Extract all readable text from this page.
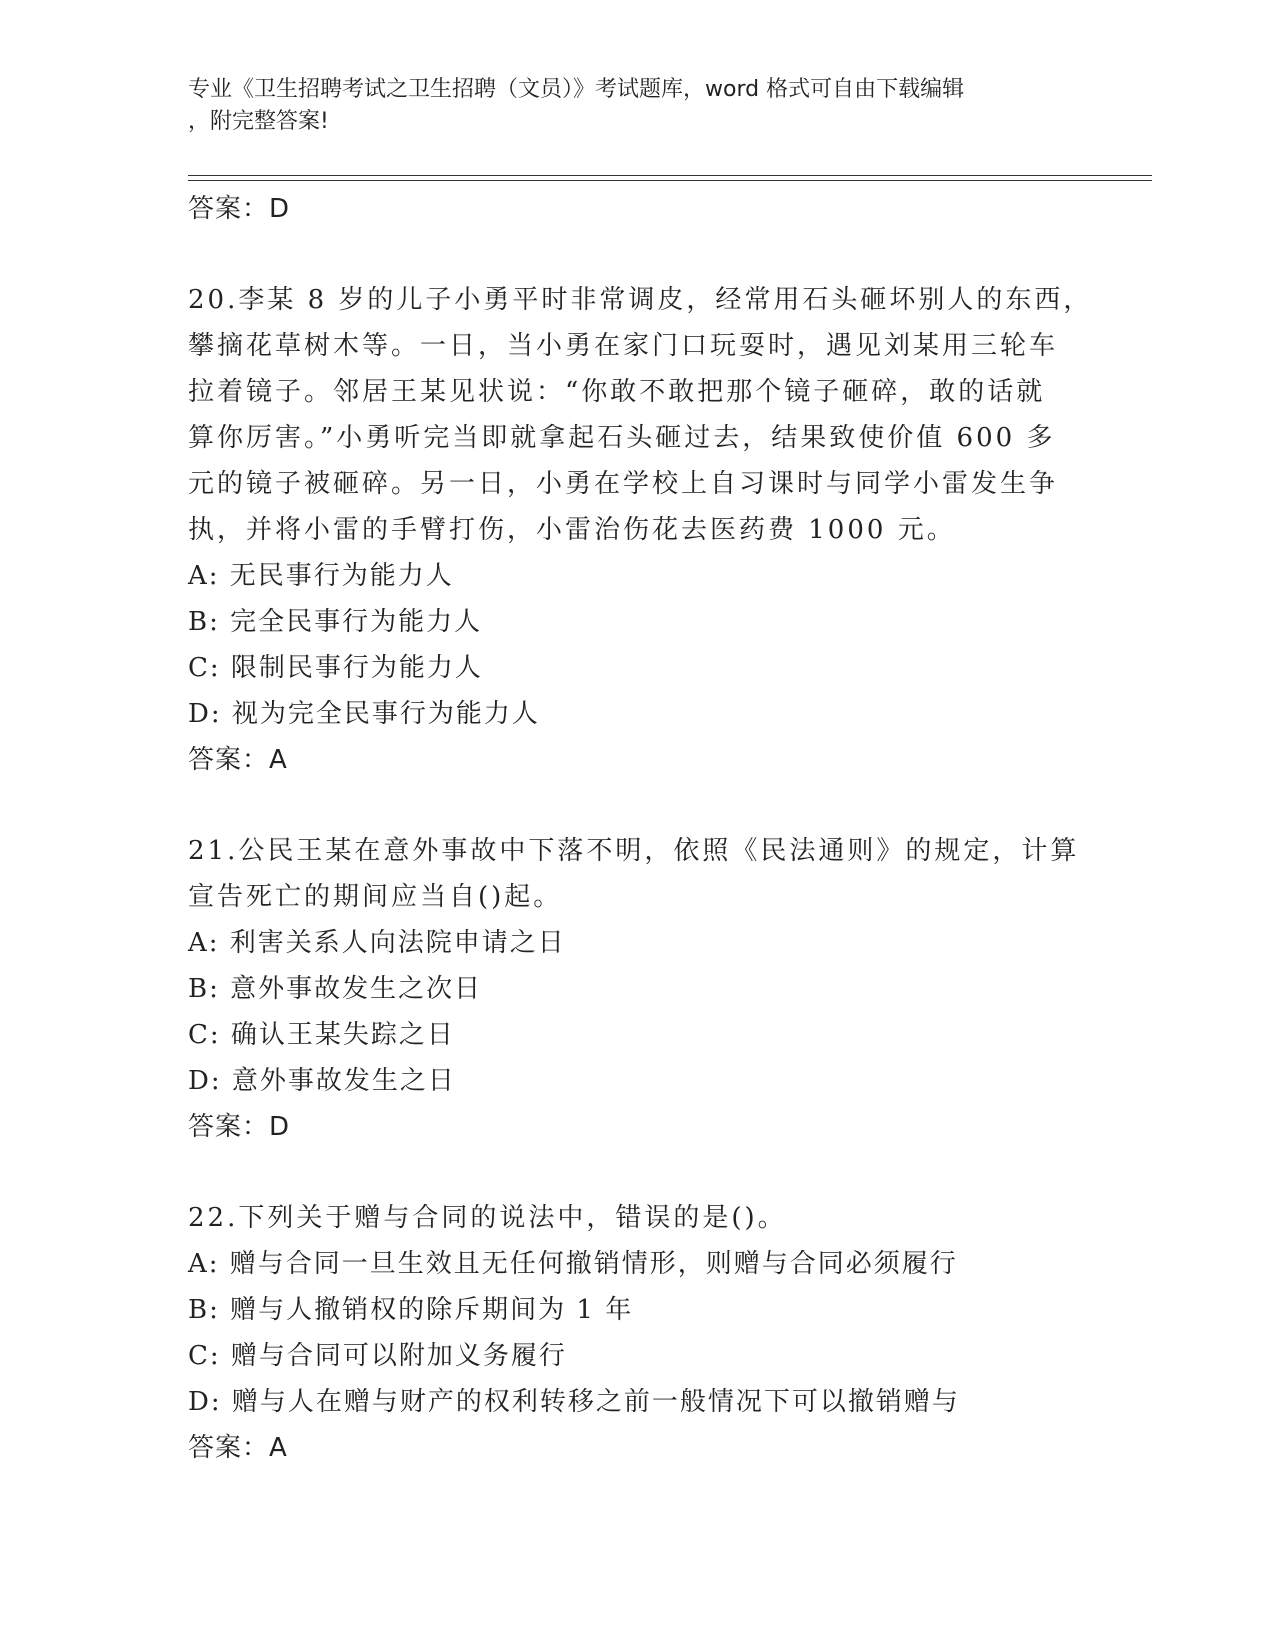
专业《卫生招聘考试之卫生招聘（文员）》考试题库，word 格式可自由下载编辑
，附完整答案!
答案：D
20.李某 8 岁的儿子小勇平时非常调皮，经常用石头砸坏别人的东西，
攀摘花草树木等。一日，当小勇在家门口玩耍时，遇见刘某用三轮车
拉着镜子。邻居王某见状说：“你敢不敢把那个镜子砸碎，敢的话就
算你厉害。”小勇听完当即就拿起石头砸过去，结果致使价值 600 多
元的镜子被砸碎。另一日，小勇在学校上自习课时与同学小雷发生争
执，并将小雷的手臂打伤，小雷治伤花去医药费 1000 元。
A: 无民事行为能力人
B: 完全民事行为能力人
C: 限制民事行为能力人
D: 视为完全民事行为能力人
答案：A
21.公民王某在意外事故中下落不明，依照《民法通则》的规定，计算
宣告死亡的期间应当自()起。
A: 利害关系人向法院申请之日
B: 意外事故发生之次日
C: 确认王某失踪之日
D: 意外事故发生之日
答案：D
22.下列关于赠与合同的说法中，错误的是()。
A: 赠与合同一旦生效且无任何撤销情形，则赠与合同必须履行
B: 赠与人撤销权的除斥期间为 1 年
C: 赠与合同可以附加义务履行
D: 赠与人在赠与财产的权利转移之前一般情况下可以撤销赠与
答案：A
